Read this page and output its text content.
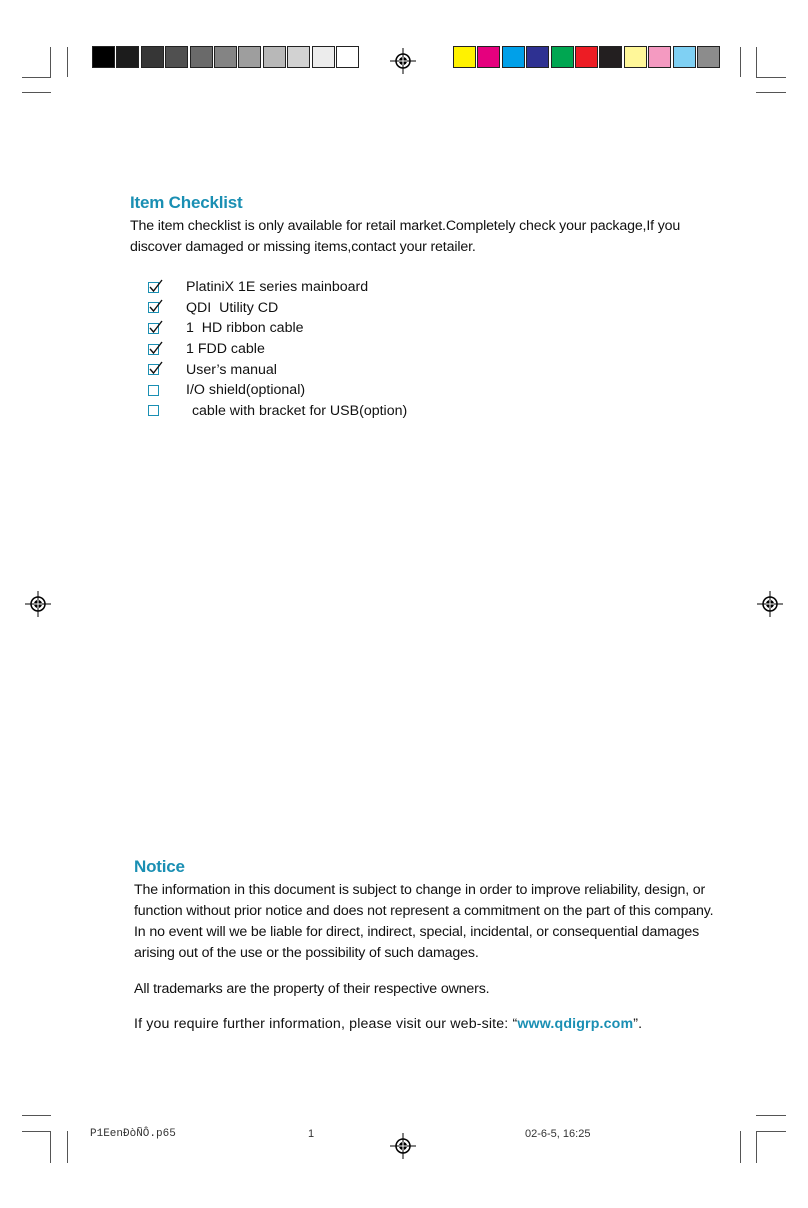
Item Checklist
The item checklist is only available for retail market.Completely check your package,If you
discover damaged or missing items,contact your retailer.
PlatiniX 1E series mainboard
QDI  Utility CD
1  HD ribbon cable
1 FDD cable
User’s manual
I/O shield(optional)
cable with bracket for USB(option)
Notice
The information in this document is subject to change in order to improve reliability, design, or
function without prior notice and does not represent a commitment on the part of this company.
In no event will we be liable for direct, indirect, special, incidental, or consequential damages
arising out of the use or the possibility of such damages.
All trademarks are the property of their respective owners.
If you require further information, please visit our web-site: “www.qdigrp.com”.
P1EenÐòÑÔ.p65	1	02-6-5, 16:25
